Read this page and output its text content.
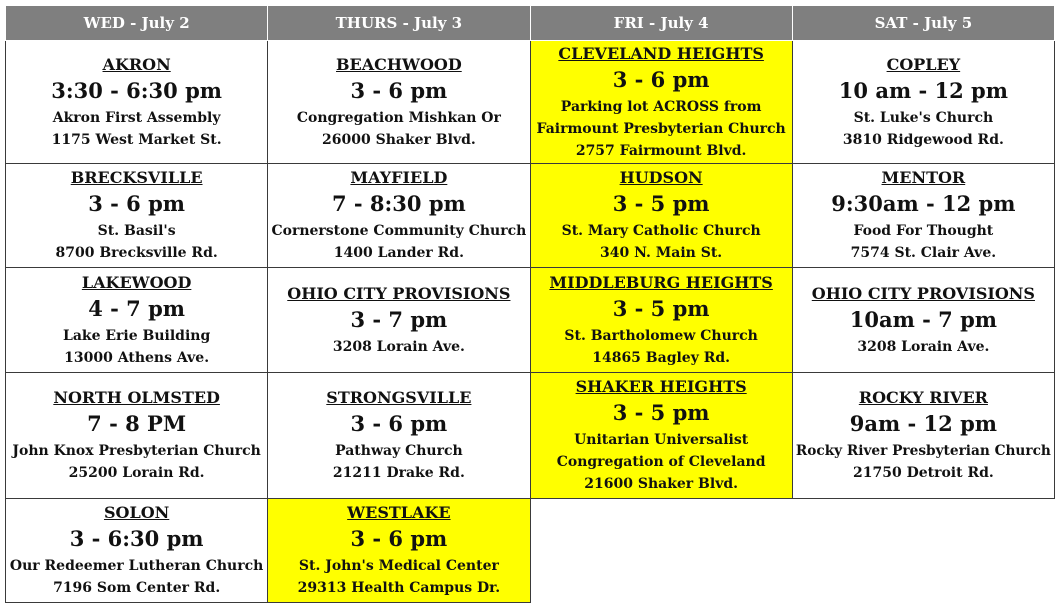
WED - July 2	THURS - July 3	FRI - July 4	SAT - July 5

AKRON
3:30 - 6:30 pm
Akron First Assembly
1175 West Market St.	BEACHWOOD
3 - 6 pm
Congregation Mishkan Or
26000 Shaker Blvd.	CLEVELAND HEIGHTS
3 - 6 pm
Parking lot ACROSS from
Fairmount Presbyterian Church
2757 Fairmount Blvd.	COPLEY
10 am - 12 pm
St. Luke's Church
3810 Ridgewood Rd.

BRECKSVILLE
3 - 6 pm
St. Basil's
8700 Brecksville Rd.	MAYFIELD
7 - 8:30 pm
Cornerstone Community Church
1400 Lander Rd.	HUDSON
3 - 5 pm
St. Mary Catholic Church
340 N. Main St.	MENTOR
9:30am - 12 pm
Food For Thought
7574 St. Clair Ave.

LAKEWOOD
4 - 7 pm
Lake Erie Building
13000 Athens Ave.	OHIO CITY PROVISIONS
3 - 7 pm
3208 Lorain Ave.	MIDDLEBURG HEIGHTS
3 - 5 pm
St. Bartholomew Church
14865 Bagley Rd.	OHIO CITY PROVISIONS
10am - 7 pm
3208 Lorain Ave.

NORTH OLMSTED
7 - 8 PM
John Knox Presbyterian Church
25200 Lorain Rd.	STRONGSVILLE
3 - 6 pm
Pathway Church
21211 Drake Rd.	SHAKER HEIGHTS
3 - 5 pm
Unitarian Universalist
Congregation of Cleveland
21600 Shaker Blvd.	ROCKY RIVER
9am - 12 pm
Rocky River Presbyterian Church
21750 Detroit Rd.

SOLON
3 - 6:30 pm
Our Redeemer Lutheran Church
7196 Som Center Rd.	WESTLAKE
3 - 6 pm
St. John's Medical Center
29313 Health Campus Dr.		
